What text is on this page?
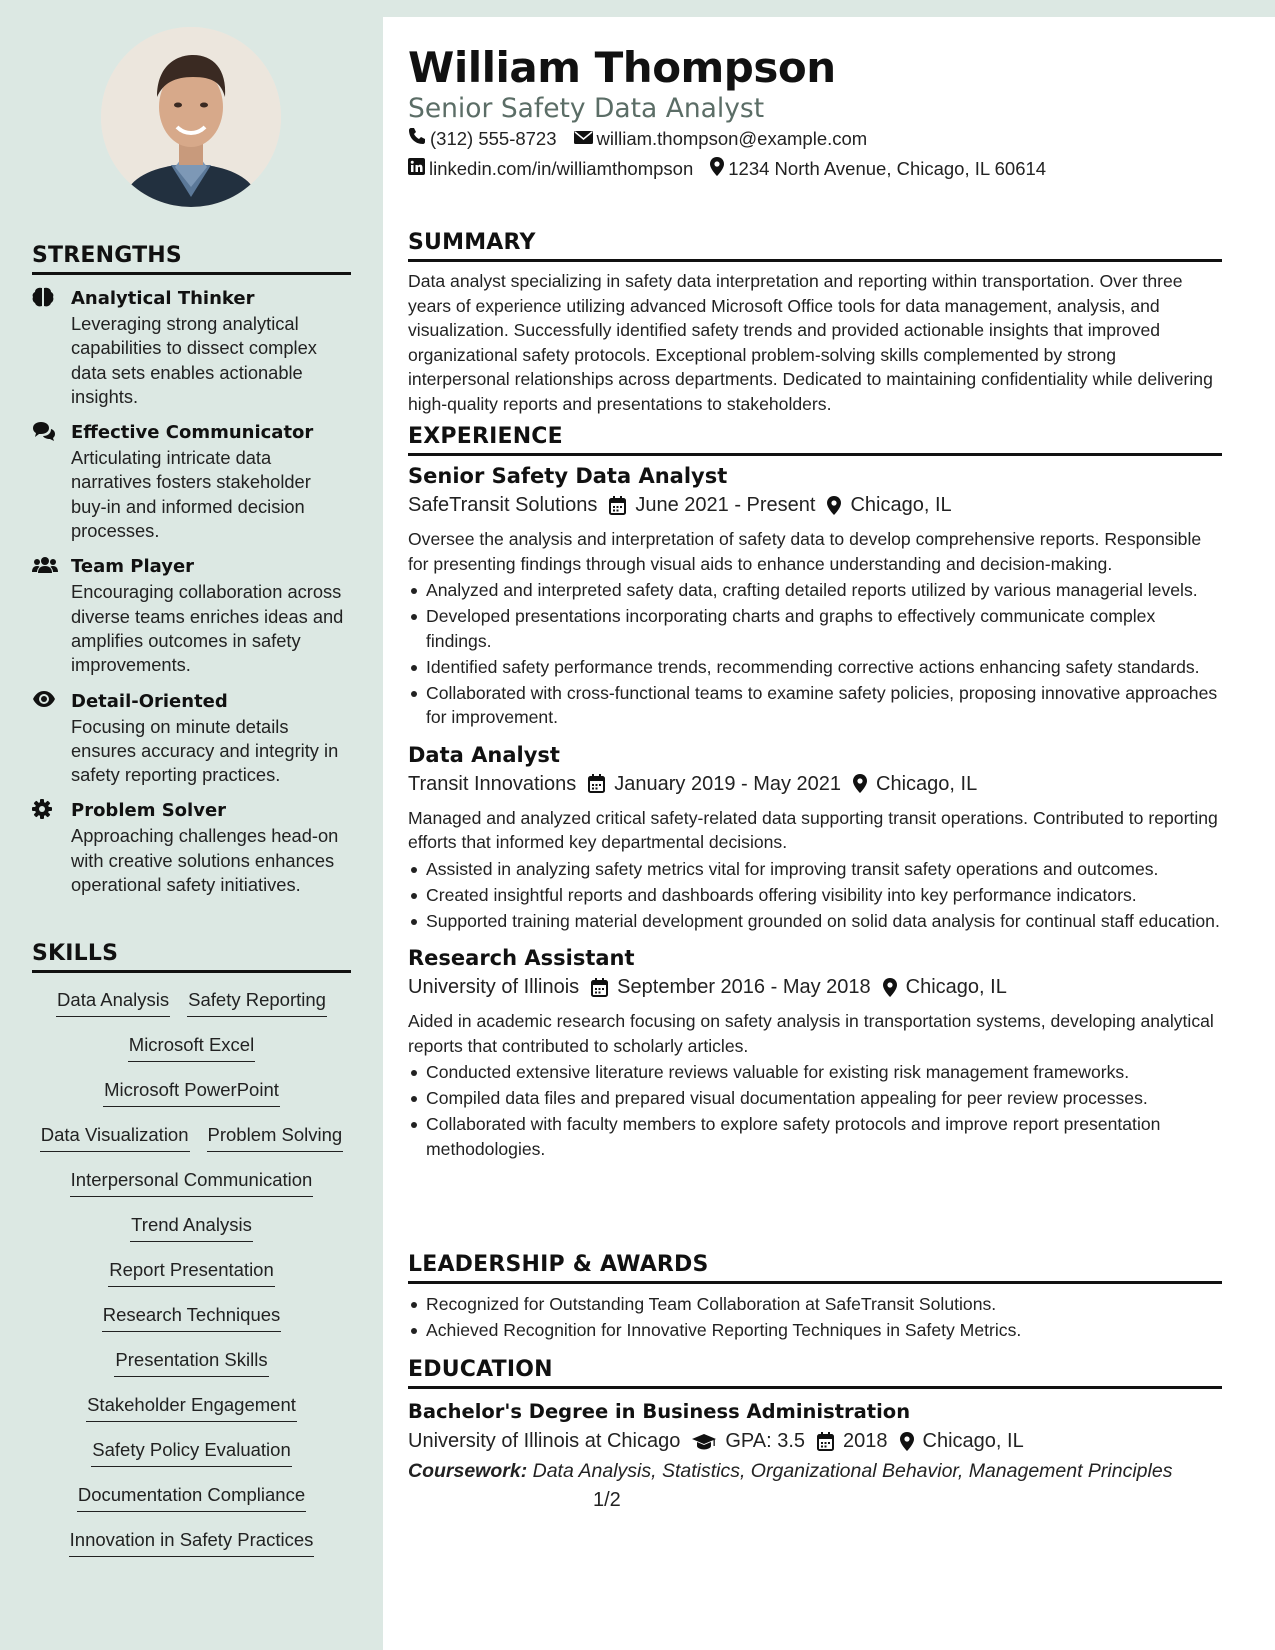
STRENGTHS
Analytical Thinker
Leveraging strong analytical capabilities to dissect complex data sets enables actionable insights.
Effective Communicator
Articulating intricate data narratives fosters stakeholder buy-in and informed decision processes.
Team Player
Encouraging collaboration across diverse teams enriches ideas and amplifies outcomes in safety improvements.
Detail-Oriented
Focusing on minute details ensures accuracy and integrity in safety reporting practices.
Problem Solver
Approaching challenges head-on with creative solutions enhances operational safety initiatives.
SKILLS
Data Analysis Safety Reporting
Microsoft Excel
Microsoft PowerPoint
Data Visualization Problem Solving
Interpersonal Communication
Trend Analysis
Report Presentation
Research Techniques
Presentation Skills
Stakeholder Engagement
Safety Policy Evaluation
Documentation Compliance
Innovation in Safety Practices
William Thompson
Senior Safety Data Analyst
(312) 555-8723 william.thompson@example.com
linkedin.com/in/williamthompson 1234 North Avenue, Chicago, IL 60614
SUMMARY
Data analyst specializing in safety data interpretation and reporting within transportation. Over three years of experience utilizing advanced Microsoft Office tools for data management, analysis, and visualization. Successfully identified safety trends and provided actionable insights that improved organizational safety protocols. Exceptional problem-solving skills complemented by strong interpersonal relationships across departments. Dedicated to maintaining confidentiality while delivering high-quality reports and presentations to stakeholders.
EXPERIENCE
Senior Safety Data Analyst
SafeTransit Solutions June 2021 - Present Chicago, IL
Oversee the analysis and interpretation of safety data to develop comprehensive reports. Responsible for presenting findings through visual aids to enhance understanding and decision-making.
Analyzed and interpreted safety data, crafting detailed reports utilized by various managerial levels.
Developed presentations incorporating charts and graphs to effectively communicate complex findings.
Identified safety performance trends, recommending corrective actions enhancing safety standards.
Collaborated with cross-functional teams to examine safety policies, proposing innovative approaches for improvement.
Data Analyst
Transit Innovations January 2019 - May 2021 Chicago, IL
Managed and analyzed critical safety-related data supporting transit operations. Contributed to reporting efforts that informed key departmental decisions.
Assisted in analyzing safety metrics vital for improving transit safety operations and outcomes.
Created insightful reports and dashboards offering visibility into key performance indicators.
Supported training material development grounded on solid data analysis for continual staff education.
Research Assistant
University of Illinois September 2016 - May 2018 Chicago, IL
Aided in academic research focusing on safety analysis in transportation systems, developing analytical reports that contributed to scholarly articles.
Conducted extensive literature reviews valuable for existing risk management frameworks.
Compiled data files and prepared visual documentation appealing for peer review processes.
Collaborated with faculty members to explore safety protocols and improve report presentation methodologies.
LEADERSHIP & AWARDS
Recognized for Outstanding Team Collaboration at SafeTransit Solutions.
Achieved Recognition for Innovative Reporting Techniques in Safety Metrics.
EDUCATION
Bachelor's Degree in Business Administration
University of Illinois at Chicago GPA: 3.5 2018 Chicago, IL
Coursework: Data Analysis, Statistics, Organizational Behavior, Management Principles
1/2
